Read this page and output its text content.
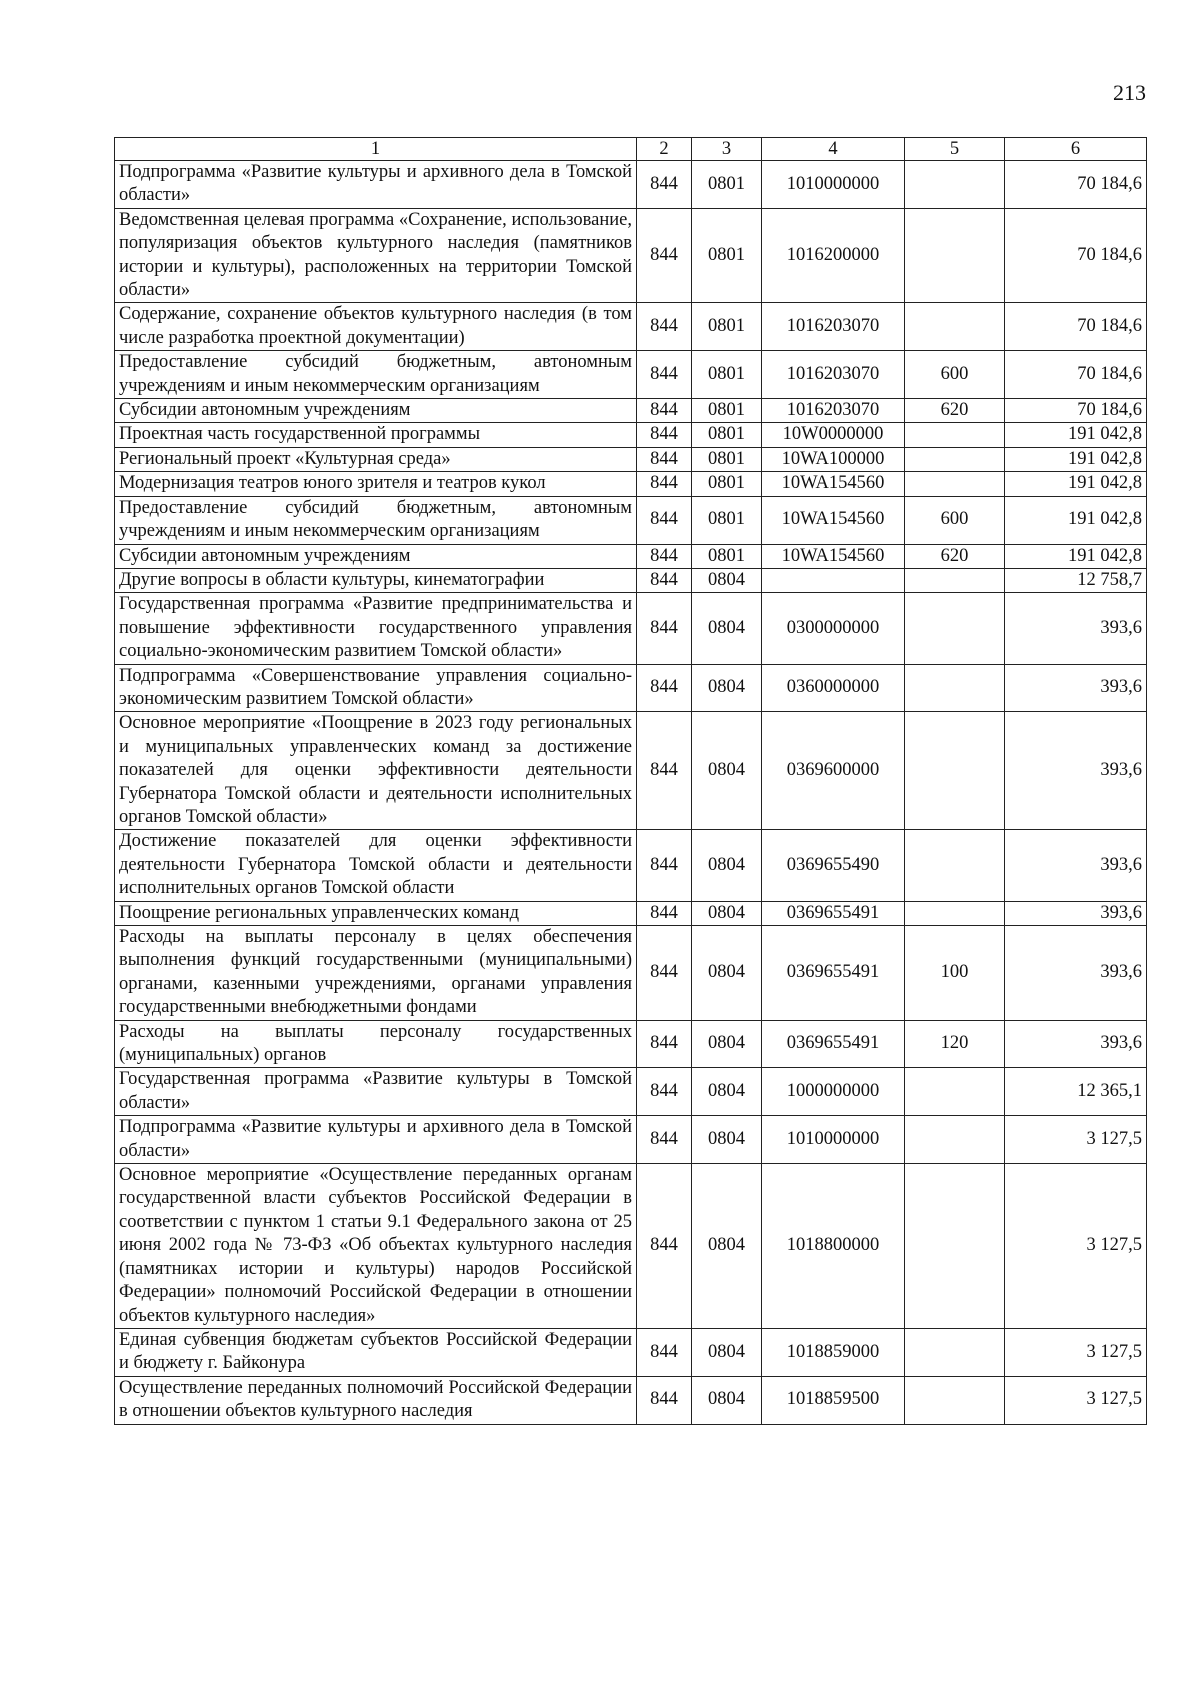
213
1	2	3	4	5	6
Подпрограмма «Развитие культуры и архивного дела в Томской области»	844	0801	1010000000		70 184,6
Ведомственная целевая программа «Сохранение, использование, популяризация объектов культурного наследия (памятников истории и культуры), расположенных на территории Томской области»	844	0801	1016200000		70 184,6
Содержание, сохранение объектов культурного наследия (в том числе разработка проектной документации)	844	0801	1016203070		70 184,6
Предоставление субсидий бюджетным, автономным учреждениям и иным некоммерческим организациям	844	0801	1016203070	600	70 184,6
Субсидии автономным учреждениям	844	0801	1016203070	620	70 184,6
Проектная часть государственной программы	844	0801	10W0000000		191 042,8
Региональный проект «Культурная среда»	844	0801	10WA100000		191 042,8
Модернизация театров юного зрителя и театров кукол	844	0801	10WA154560		191 042,8
Предоставление субсидий бюджетным, автономным учреждениям и иным некоммерческим организациям	844	0801	10WA154560	600	191 042,8
Субсидии автономным учреждениям	844	0801	10WA154560	620	191 042,8
Другие вопросы в области культуры, кинематографии	844	0804			12 758,7
Государственная программа «Развитие предпринимательства и повышение эффективности государственного управления социально-экономическим развитием Томской области»	844	0804	0300000000		393,6
Подпрограмма «Совершенствование управления социально-экономическим развитием Томской области»	844	0804	0360000000		393,6
Основное мероприятие «Поощрение в 2023 году региональных и муниципальных управленческих команд за достижение показателей для оценки эффективности деятельности Губернатора Томской области и деятельности исполнительных органов Томской области»	844	0804	0369600000		393,6
Достижение показателей для оценки эффективности деятельности Губернатора Томской области и деятельности исполнительных органов Томской области	844	0804	0369655490		393,6
Поощрение региональных управленческих команд	844	0804	0369655491		393,6
Расходы на выплаты персоналу в целях обеспечения выполнения функций государственными (муниципальными) органами, казенными учреждениями, органами управления государственными внебюджетными фондами	844	0804	0369655491	100	393,6
Расходы на выплаты персоналу государственных (муниципальных) органов	844	0804	0369655491	120	393,6
Государственная программа «Развитие культуры в Томской области»	844	0804	1000000000		12 365,1
Подпрограмма «Развитие культуры и архивного дела в Томской области»	844	0804	1010000000		3 127,5
Основное мероприятие «Осуществление переданных органам государственной власти субъектов Российской Федерации в соответствии с пунктом 1 статьи 9.1 Федерального закона от 25 июня 2002 года № 73-ФЗ «Об объектах культурного наследия (памятниках истории и культуры) народов Российской Федерации» полномочий Российской Федерации в отношении объектов культурного наследия»	844	0804	1018800000		3 127,5
Единая субвенция бюджетам субъектов Российской Федерации и бюджету г. Байконура	844	0804	1018859000		3 127,5
Осуществление переданных полномочий Российской Федерации в отношении объектов культурного наследия	844	0804	1018859500		3 127,5
